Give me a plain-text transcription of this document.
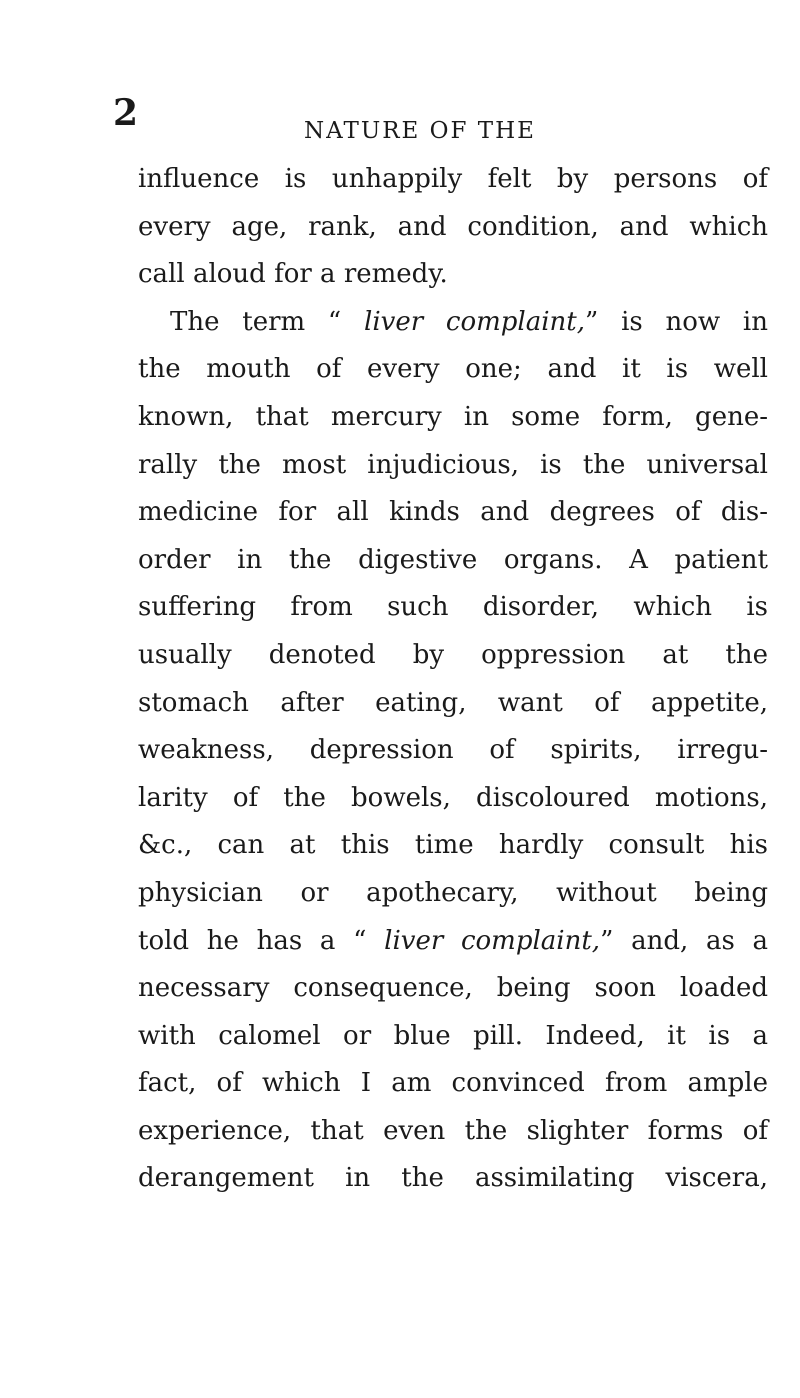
2	NATURE OF THE
influence is unhappily felt by persons of
every age, rank, and condition, and which
call aloud for a remedy.
The term “ liver complaint,” is now in
the mouth of every one; and it is well
known, that mercury in some form, gene-
rally the most injudicious, is the universal
medicine for all kinds and degrees of dis-
order in the digestive organs. A patient
suffering from such disorder, which is
usually denoted by oppression at the
stomach after eating, want of appetite,
weakness, depression of spirits, irregu-
larity of the bowels, discoloured motions,
&c., can at this time hardly consult his
physician or apothecary, without being
told he has a “ liver complaint,” and, as a
necessary consequence, being soon loaded
with calomel or blue pill. Indeed, it is a
fact, of which I am convinced from ample
experience, that even the slighter forms of
derangement in the assimilating viscera,
